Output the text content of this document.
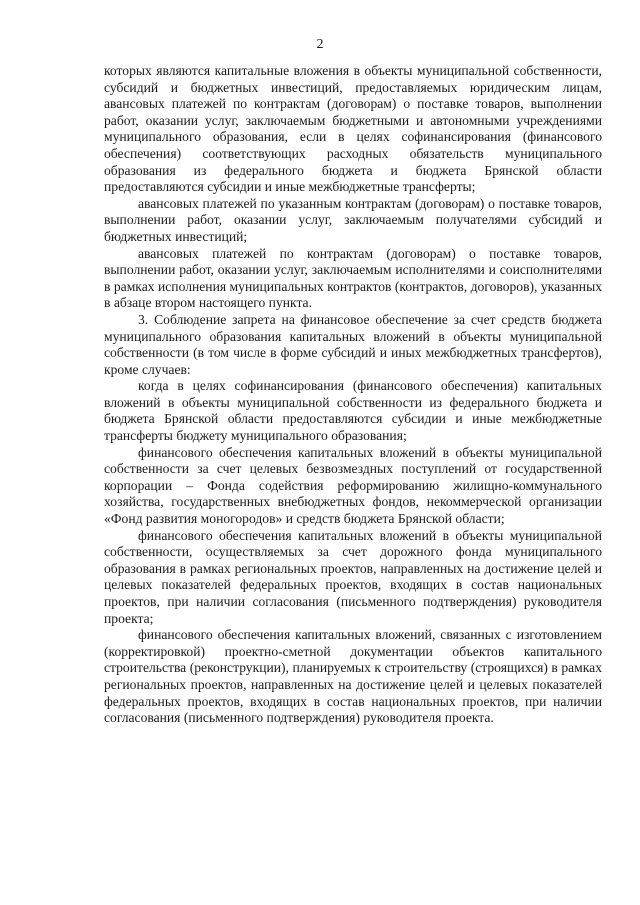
2

которых являются капитальные вложения в объекты муниципальной собственности, субсидий и бюджетных инвестиций, предоставляемых юридическим лицам, авансовых платежей по контрактам (договорам) о поставке товаров, выполнении работ, оказании услуг, заключаемым бюджетными и автономными учреждениями муниципального образования, если в целях софинансирования (финансового обеспечения) соответствующих расходных обязательств муниципального образования из федерального бюджета и бюджета Брянской области предоставляются субсидии и иные межбюджетные трансферты;

авансовых платежей по указанным контрактам (договорам) о поставке товаров, выполнении работ, оказании услуг, заключаемым получателями субсидий и бюджетных инвестиций;

авансовых платежей по контрактам (договорам) о поставке товаров, выполнении работ, оказании услуг, заключаемым исполнителями и соисполнителями в рамках исполнения муниципальных контрактов (контрактов, договоров), указанных в абзаце втором настоящего пункта.

3. Соблюдение запрета на финансовое обеспечение за счет средств бюджета муниципального образования капитальных вложений в объекты муниципальной собственности (в том числе в форме субсидий и иных межбюджетных трансфертов), кроме случаев:

когда в целях софинансирования (финансового обеспечения) капитальных вложений в объекты муниципальной собственности из федерального бюджета и бюджета Брянской области предоставляются субсидии и иные межбюджетные трансферты бюджету муниципального образования;

финансового обеспечения капитальных вложений в объекты муниципальной собственности за счет целевых безвозмездных поступлений от государственной корпорации – Фонда содействия реформированию жилищно-коммунального хозяйства, государственных внебюджетных фондов, некоммерческой организации «Фонд развития моногородов» и средств бюджета Брянской области;

финансового обеспечения капитальных вложений в объекты муниципальной собственности, осуществляемых за счет дорожного фонда муниципального образования в рамках региональных проектов, направленных на достижение целей и целевых показателей федеральных проектов, входящих в состав национальных проектов, при наличии согласования (письменного подтверждения) руководителя проекта;

финансового обеспечения капитальных вложений, связанных с изготовлением (корректировкой) проектно-сметной документации объектов капитального строительства (реконструкции), планируемых к строительству (строящихся) в рамках региональных проектов, направленных на достижение целей и целевых показателей федеральных проектов, входящих в состав национальных проектов, при наличии согласования (письменного подтверждения) руководителя проекта.
